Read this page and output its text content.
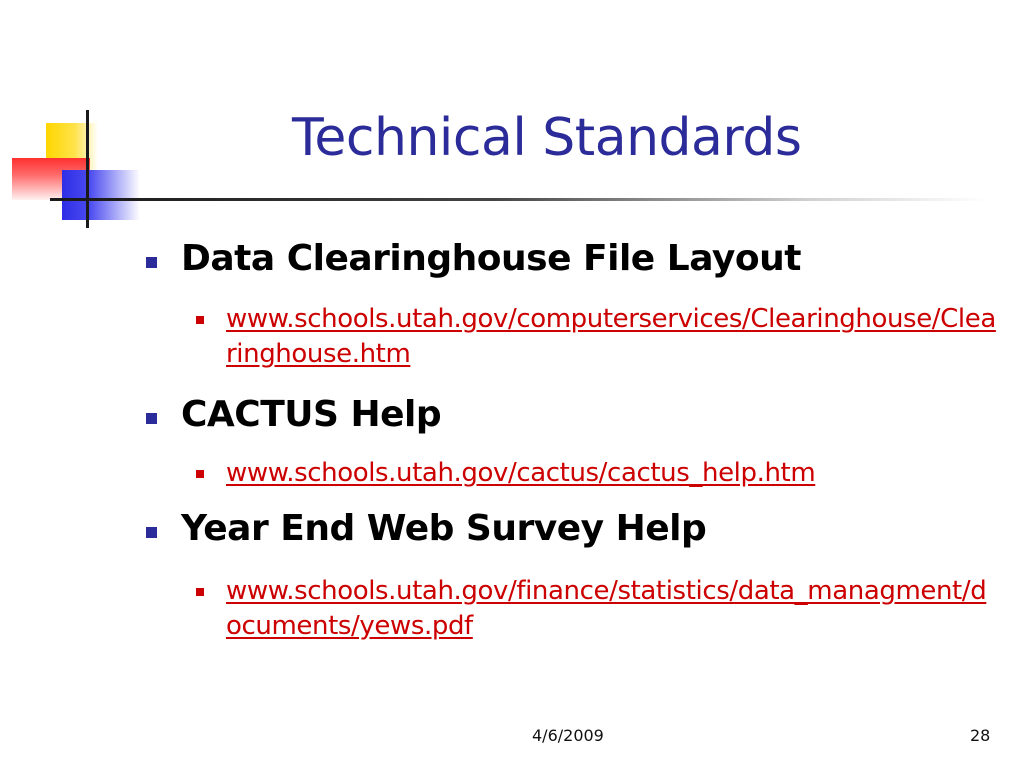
Technical Standards
Data Clearinghouse File Layout
www.schools.utah.gov/computerservices/Clearinghouse/Clearinghouse.htm
CACTUS Help
www.schools.utah.gov/cactus/cactus_help.htm
Year End Web Survey Help
www.schools.utah.gov/finance/statistics/data_managment/documents/yews.pdf
4/6/2009	28
